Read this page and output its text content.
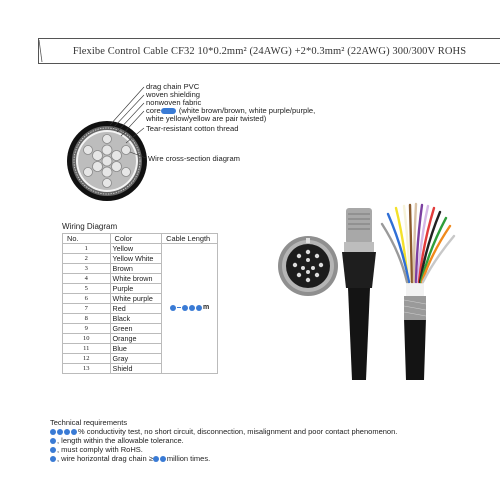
Flexibe Control Cable CF32 10*0.2mm² (24AWG) +2*0.3mm² (22AWG) 300/300V ROHS
drag chain PVC
woven shielding
nonwoven fabric
core (white brown/brown, white purple/purple,
white yellow/yellow are pair twisted)
Tear-resistant cotton thread
Wire cross-section diagram
Wiring Diagram
No.	Color	Cable Length
1	Yellow	m

2	Yellow White	
3	Brown	
4	White brown	
5	Purple	
6	White purple	
7	Red	
8	Black	
9	Green	
10	Orange	
11	Blue	
12	Gray	
13	Shield	
Technical requirements
% conductivity test, no short circuit, disconnection, misalignment and poor contact phenomenon.
, length within the allowable tolerance.
, must comply with RoHS.
, wire horizontal drag chain ≥ million times.
